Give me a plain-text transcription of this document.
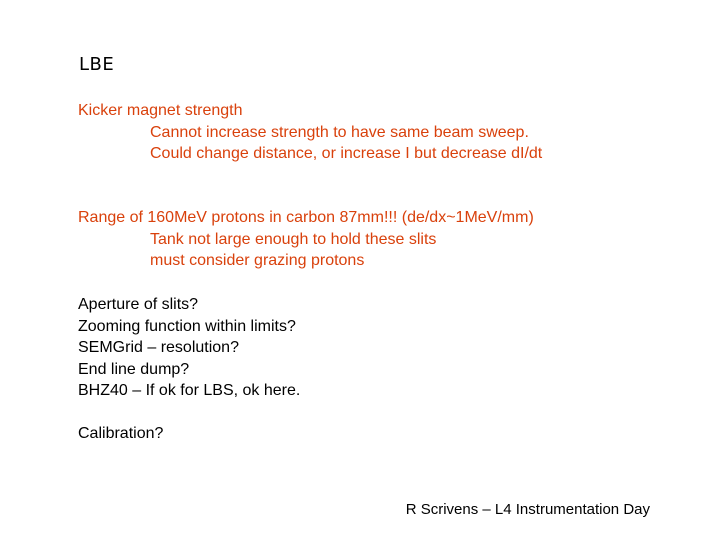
LBE
Kicker magnet strength
Cannot increase strength to have same beam sweep.
Could change distance, or increase I but decrease dI/dt
Range of 160MeV protons in carbon 87mm!!! (de/dx~1MeV/mm)
Tank not large enough to hold these slits
must consider grazing protons
Aperture of slits?
Zooming function within limits?
SEMGrid – resolution?
End line dump?
BHZ40 – If ok for LBS, ok here.
Calibration?
R Scrivens – L4 Instrumentation Day
